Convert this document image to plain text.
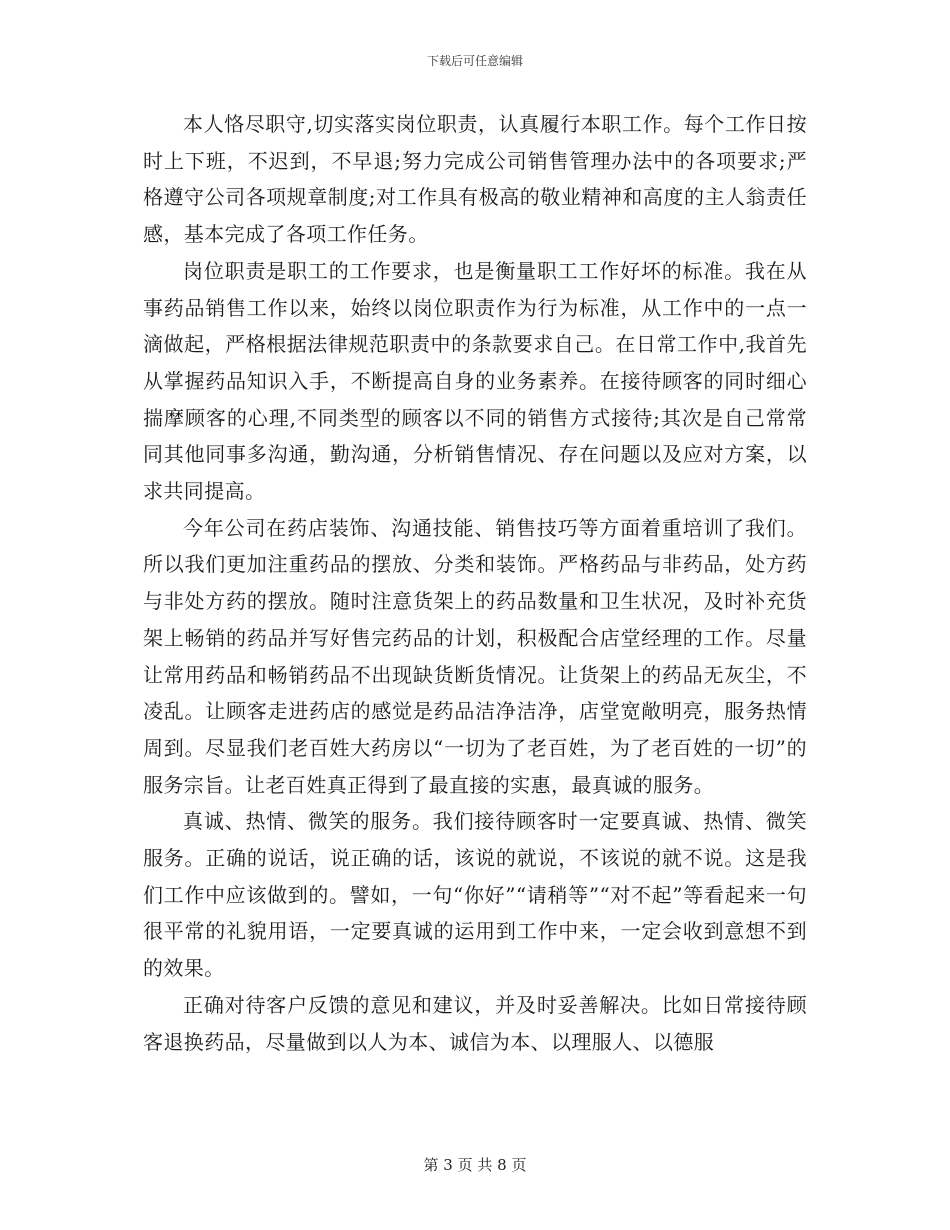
下载后可任意编辑

本人恪尽职守,切实落实岗位职责，认真履行本职工作。每个工作日按时上下班，不迟到，不早退;努力完成公司销售管理办法中的各项要求;严格遵守公司各项规章制度;对工作具有极高的敬业精神和高度的主人翁责任感，基本完成了各项工作任务。

岗位职责是职工的工作要求，也是衡量职工工作好坏的标准。我在从事药品销售工作以来，始终以岗位职责作为行为标准，从工作中的一点一滴做起，严格根据法律规范职责中的条款要求自己。在日常工作中,我首先从掌握药品知识入手，不断提高自身的业务素养。在接待顾客的同时细心揣摩顾客的心理,不同类型的顾客以不同的销售方式接待;其次是自己常常同其他同事多沟通，勤沟通，分析销售情况、存在问题以及应对方案，以求共同提高。

今年公司在药店装饰、沟通技能、销售技巧等方面着重培训了我们。所以我们更加注重药品的摆放、分类和装饰。严格药品与非药品，处方药与非处方药的摆放。随时注意货架上的药品数量和卫生状况，及时补充货架上畅销的药品并写好售完药品的计划，积极配合店堂经理的工作。尽量让常用药品和畅销药品不出现缺货断货情况。让货架上的药品无灰尘，不凌乱。让顾客走进药店的感觉是药品洁净洁净，店堂宽敞明亮，服务热情周到。尽显我们老百姓大药房以“一切为了老百姓，为了老百姓的一切”的服务宗旨。让老百姓真正得到了最直接的实惠，最真诚的服务。

真诚、热情、微笑的服务。我们接待顾客时一定要真诚、热情、微笑服务。正确的说话，说正确的话，该说的就说，不该说的就不说。这是我们工作中应该做到的。譬如，一句“你好”“请稍等”“对不起”等看起来一句很平常的礼貌用语，一定要真诚的运用到工作中来，一定会收到意想不到的效果。

正确对待客户反馈的意见和建议，并及时妥善解决。比如日常接待顾客退换药品，尽量做到以人为本、诚信为本、以理服人、以德服

第 3 页 共 8 页
